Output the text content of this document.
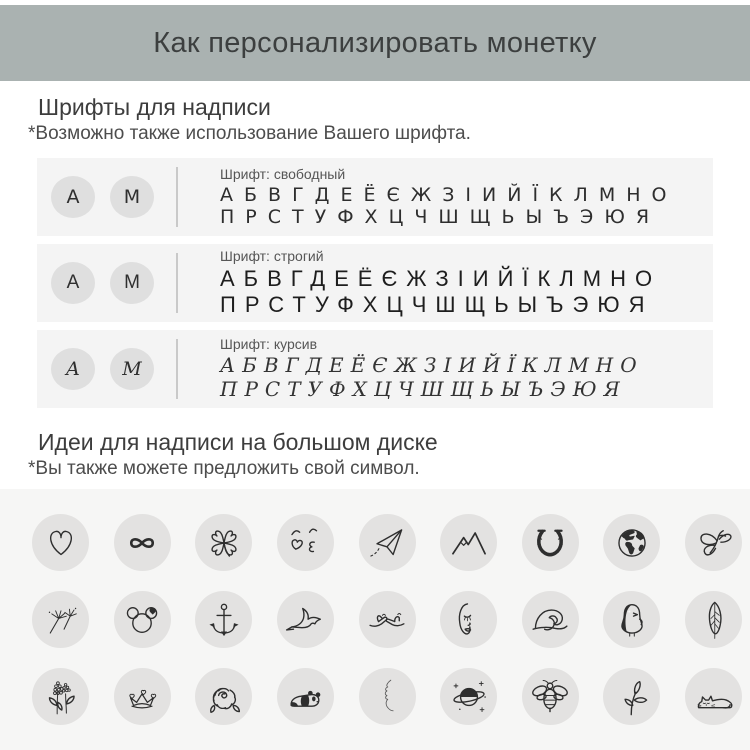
Как персонализировать монетку
Шрифты для надписи

*Возможно также использование Вашего шрифта.

А	М
Шрифт: свободный
АБВГДЕЁЄЖЗІИЙЇКЛМНО
ПРСТУФХЦЧШЩЬЫЪЭЮЯ
А	М
Шрифт: строгий
АБВГДЕЁЄЖЗІИЙЇКЛМНО
ПРСТУФХЦЧШЩЬЫЪЭЮЯ
А	М
Шрифт: курсив
АБВГДЕЁЄЖЗІИЙЇКЛМНО
ПРСТУФХЦЧШЩЬЫЪЭЮЯ
Идеи для надписи на большом диске

*Вы также можете предложить свой символ.
